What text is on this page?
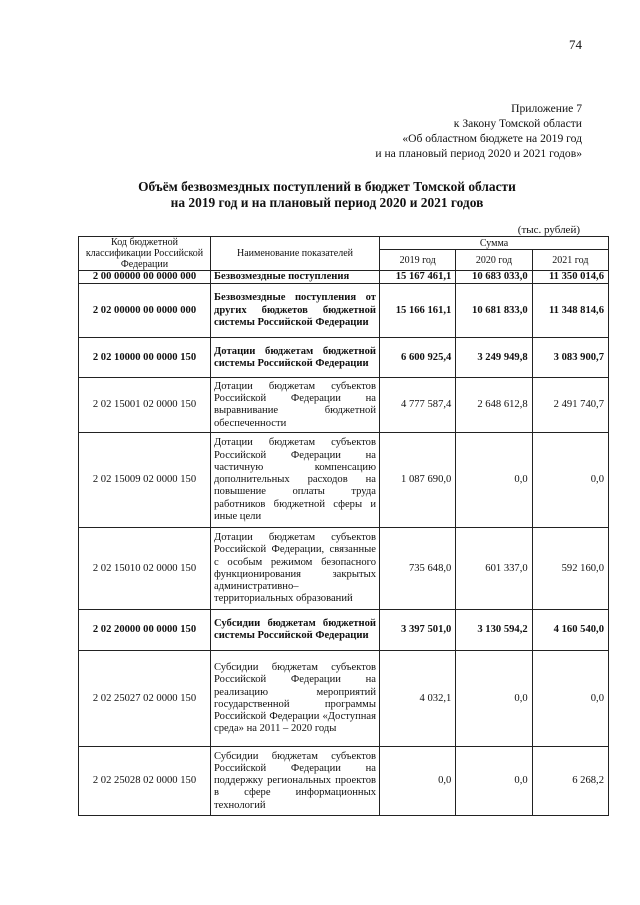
74
Приложение 7
к Закону Томской области
«Об областном бюджете на 2019 год
и на плановый период 2020 и 2021 годов»
Объём безвозмездных поступлений в бюджет Томской области
на 2019 год и на плановый период 2020 и 2021 годов
(тыс. рублей)
Код бюджетной классификации Российской Федерации	Наименование показателей	Сумма		
		2019 год	2020 год	2021 год
2 00 00000 00 0000 000	Безвозмездные поступления	15 167 461,1	10 683 033,0	11 350 014,6
2 02 00000 00 0000 000	Безвозмездные поступления от других бюджетов бюджетной системы Российской Федерации	15 166 161,1	10 681 833,0	11 348 814,6
2 02 10000 00 0000 150	Дотации бюджетам бюджетной системы Российской Федерации	6 600 925,4	3 249 949,8	3 083 900,7
2 02 15001 02 0000 150	Дотации бюджетам субъектов Российской Федерации на выравнивание бюджетной обеспеченности	4 777 587,4	2 648 612,8	2 491 740,7
2 02 15009 02 0000 150	Дотации бюджетам субъектов Российской Федерации на частичную компенсацию дополнительных расходов на повышение оплаты труда работников бюджетной сферы и иные цели	1 087 690,0	0,0	0,0
2 02 15010 02 0000 150	Дотации бюджетам субъектов Российской Федерации, связанные с особым режимом безопасного функционирования закрытых административно–территориальных образований	735 648,0	601 337,0	592 160,0
2 02 20000 00 0000 150	Субсидии бюджетам бюджетной системы Российской Федерации	3 397 501,0	3 130 594,2	4 160 540,0
2 02 25027 02 0000 150	Субсидии бюджетам субъектов Российской Федерации на реализацию мероприятий государственной программы Российской Федерации «Доступная среда» на 2011 – 2020 годы	4 032,1	0,0	0,0
2 02 25028 02 0000 150	Субсидии бюджетам субъектов Российской Федерации на поддержку региональных проектов в сфере информационных технологий	0,0	0,0	6 268,2
